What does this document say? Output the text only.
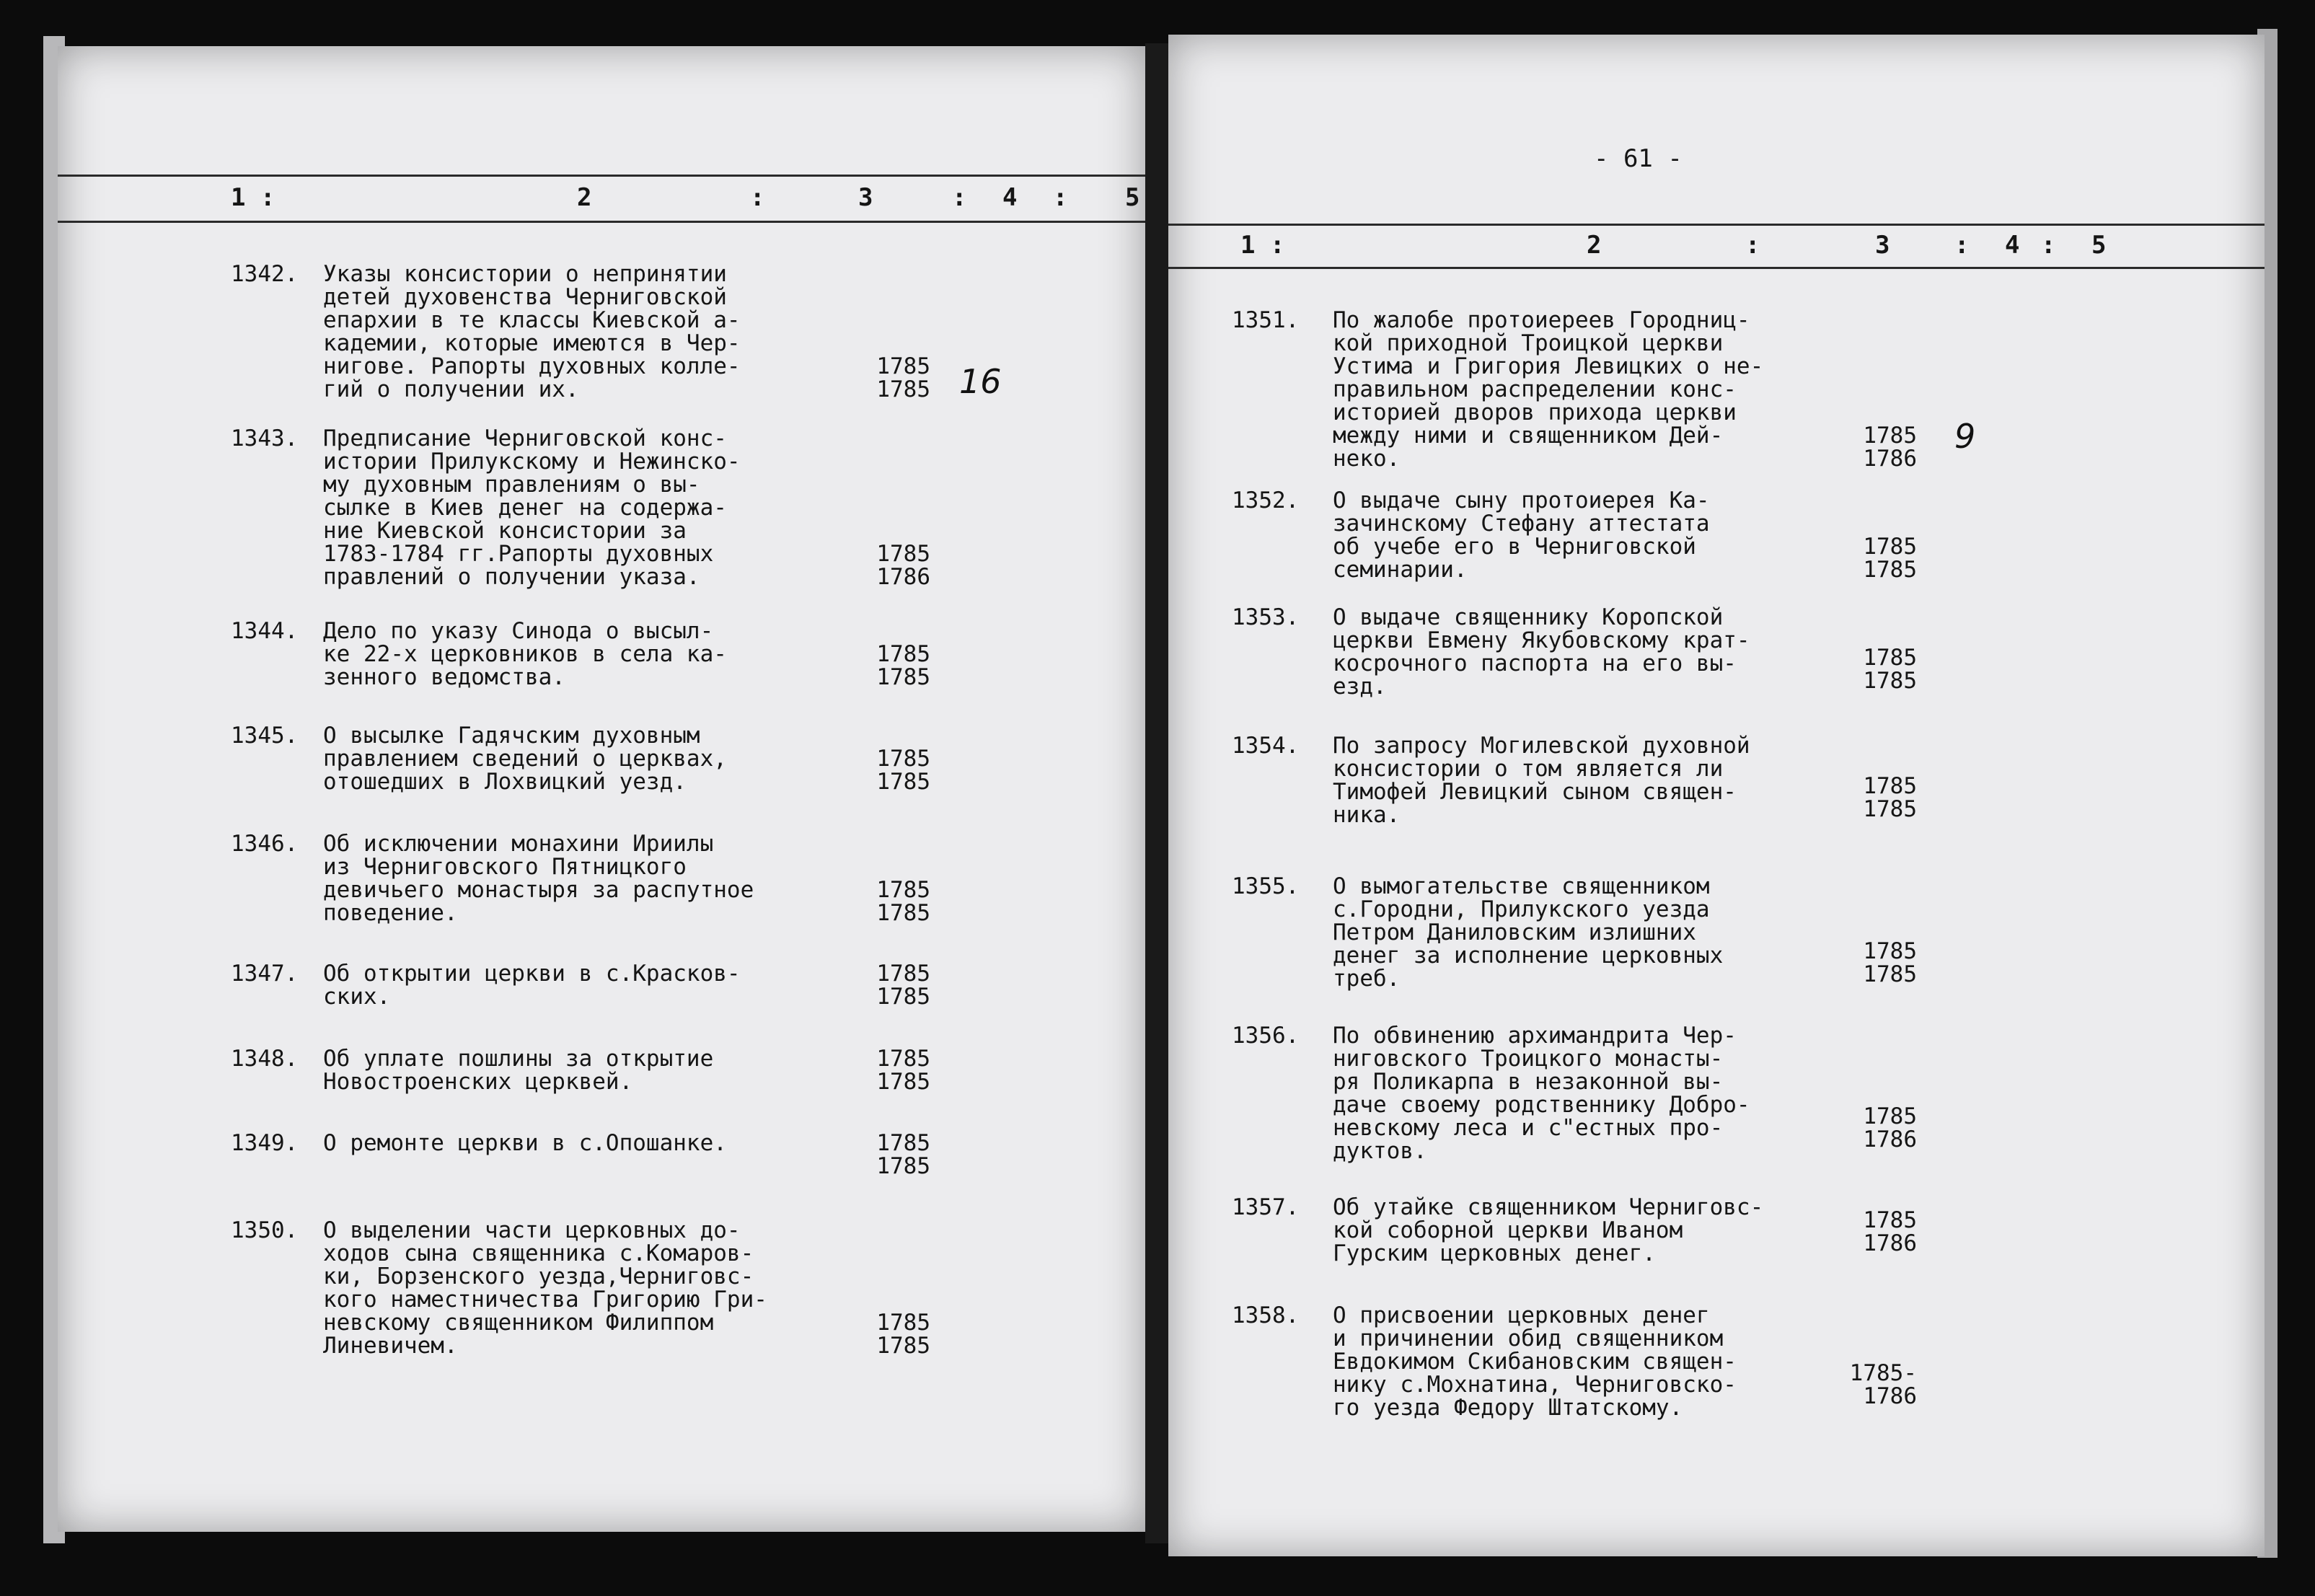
1 :	2	:	3	: 4 : 5
1342.	Указы консистории о непринятии
детей духовенства Черниговской
епархии в те классы Киевской а-
кадемии, которые имеются в Чер-
нигове. Рапорты духовных колле-
гий о получении их.
1785
1785 16
1343.	Предписание Черниговской конс-
истории Прилукскому и Нежинско-
му духовным правлениям о вы-
сылке в Киев денег на содержа-
ние Киевской консистории за
1783-1784 гг.Рапорты духовных
правлений о получении указа.
1785
1786
1344.	Дело по указу Синода о высыл-
ке 22-х церковников в села ка-
зенного ведомства.
1785
1785
1345.	О высылке Гадячским духовным
правлением сведений о церквах,
отошедших в Лохвицкий уезд.
1785
1785
1346.	Об исключении монахини Ириилы
из Черниговского Пятницкого
девичьего монастыря за распутное
поведение.
1785
1785
1347.	Об открытии церкви в с.Красков-
ских.
1785
1785
1348.	Об уплате пошлины за открытие
Новостроенских церквей.
1785
1785
1349.	О ремонте церкви в с.Опошанке.	1785
1785
1350.	О выделении части церковных до-
ходов сына священника с.Комаров-
ки, Борзенского уезда,Черниговс-
кого наместничества Григорию Гри-
невскому священником Филиппом
Линевичем.
1785
1785
- 61 -
1 :	2	:	3	: 4 : 5
1351.	По жалобе протоиереев Городниц-
кой приходной Троицкой церкви
Устима и Григория Левицких о не-
правильном распределении конс-
историей дворов прихода церкви
между ними и священником Дей-
неко.
1785
1786
9
1352.	О выдаче сыну протоиерея Ка-
зачинскому Стефану аттестата
об учебе его в Черниговской
семинарии.
1785
1785
1353.	О выдаче священнику Коропской
церкви Евмену Якубовскому крат-
косрочного паспорта на его вы-
езд.
1785
1785
1354.	По запросу Могилевской духовной
консистории о том является ли
Тимофей Левицкий сыном священ-
ника.
1785
1785
1355.	О вымогательстве священником
с.Городни, Прилукского уезда
Петром Даниловским излишних
денег за исполнение церковных
треб.
1785
1785
1356.	По обвинению архимандрита Чер-
ниговского Троицкого монасты-
ря Поликарпа в незаконной вы-
даче своему родственнику Добро-
невскому леса и с"естных про-
дуктов.
1785
1786
1357.	Об утайке священником Черниговс-
кой соборной церкви Иваном
Гурским церковных денег.
1785
1786
1358.	О присвоении церковных денег
и причинении обид священником
Евдокимом Скибановским священ-
нику с.Мохнатина, Черниговско-
го уезда Федору Штатскому.
1785-
1786
